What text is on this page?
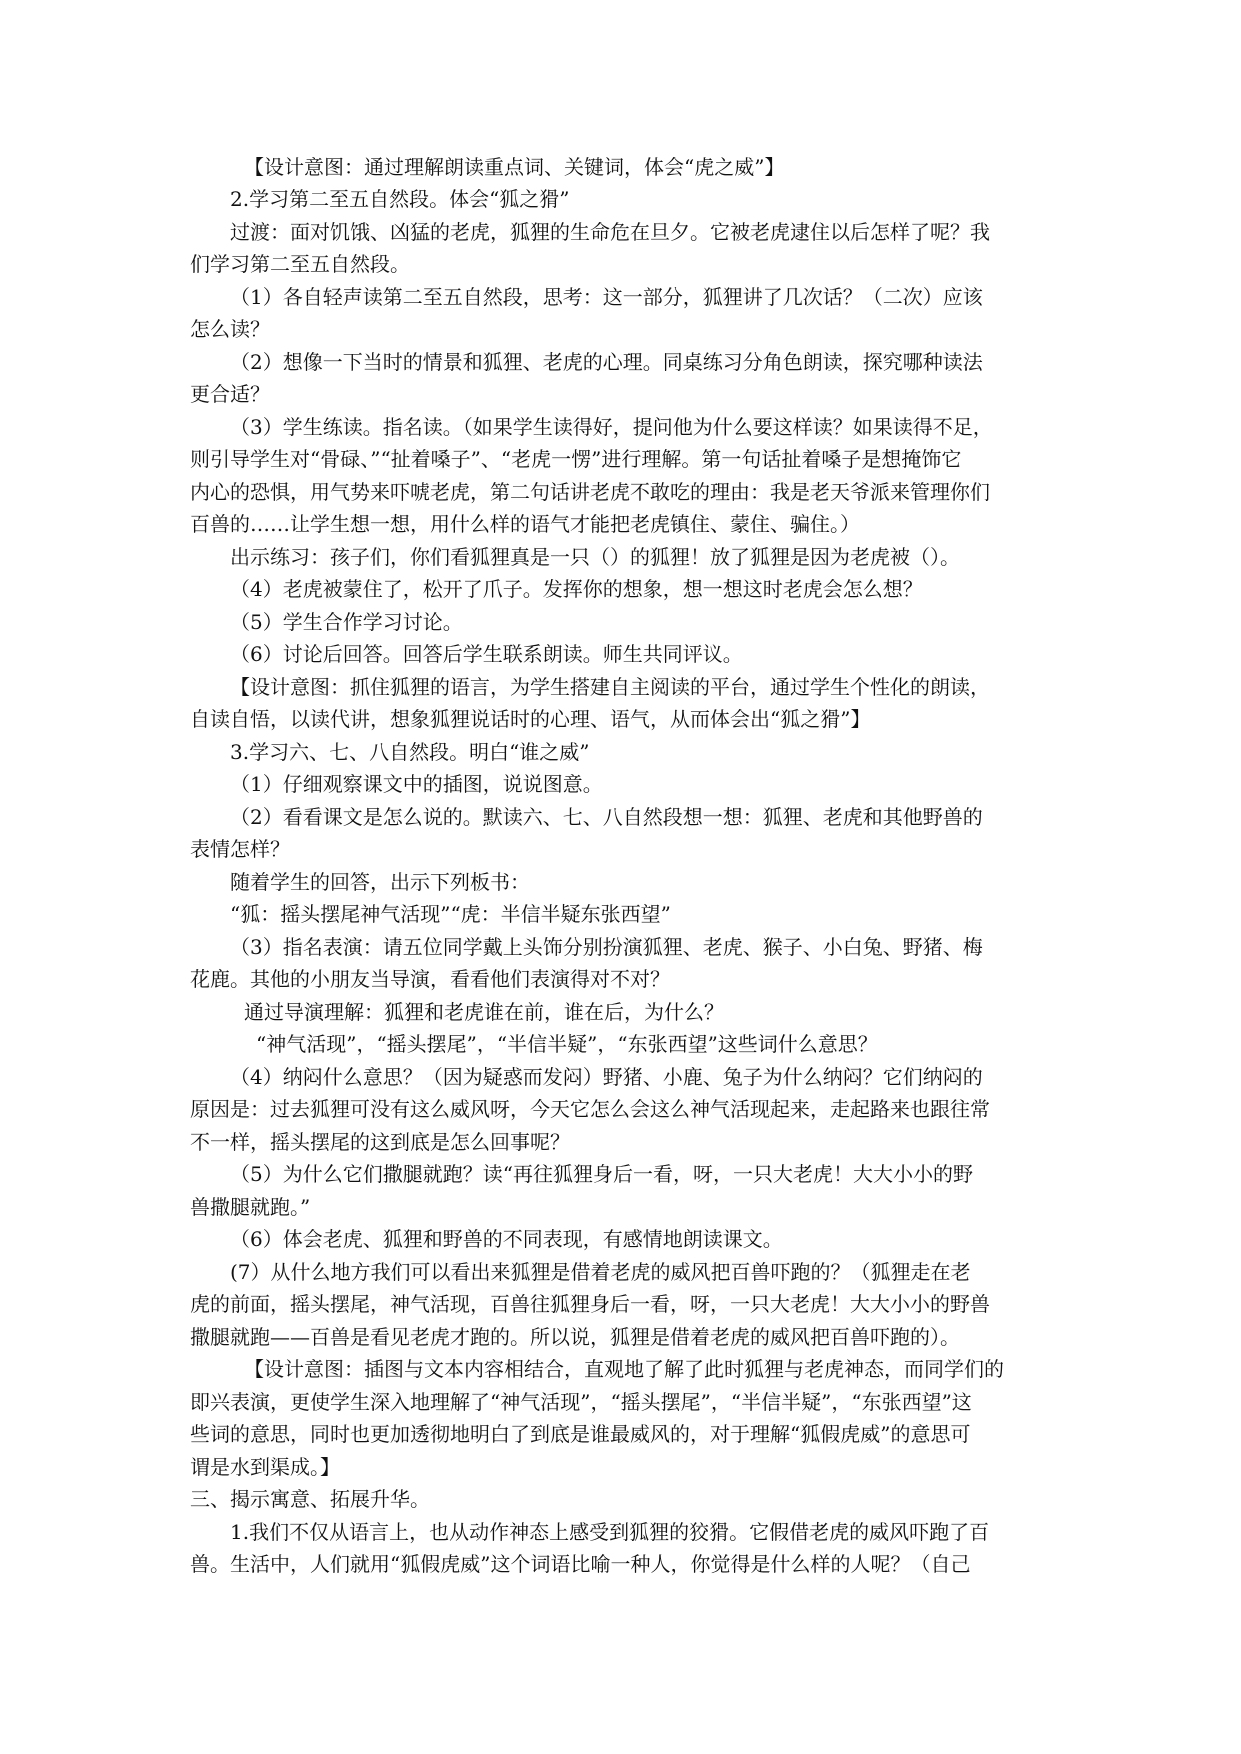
【设计意图：通过理解朗读重点词、关键词，体会“虎之威”】
2.学习第二至五自然段。体会“狐之猾”
过渡：面对饥饿、凶猛的老虎，狐狸的生命危在旦夕。它被老虎逮住以后怎样了呢？我
们学习第二至五自然段。
（1）各自轻声读第二至五自然段，思考：这一部分，狐狸讲了几次话？（二次）应该
怎么读？
（2）想像一下当时的情景和狐狸、老虎的心理。同桌练习分角色朗读，探究哪种读法
更合适？
（3）学生练读。指名读。（如果学生读得好，提问他为什么要这样读？如果读得不足，
则引导学生对“骨碌、”“扯着嗓子”、“老虎一愣”进行理解。第一句话扯着嗓子是想掩饰它
内心的恐惧，用气势来吓唬老虎，第二句话讲老虎不敢吃的理由：我是老天爷派来管理你们
百兽的……让学生想一想，用什么样的语气才能把老虎镇住、蒙住、骗住。）
出示练习：孩子们，你们看狐狸真是一只（）的狐狸！放了狐狸是因为老虎被（）。
（4）老虎被蒙住了，松开了爪子。发挥你的想象，想一想这时老虎会怎么想？
（5）学生合作学习讨论。
（6）讨论后回答。回答后学生联系朗读。师生共同评议。
【设计意图：抓住狐狸的语言，为学生搭建自主阅读的平台，通过学生个性化的朗读，
自读自悟，以读代讲，想象狐狸说话时的心理、语气，从而体会出“狐之猾”】
3.学习六、七、八自然段。明白“谁之威”
（1）仔细观察课文中的插图，说说图意。
（2）看看课文是怎么说的。默读六、七、八自然段想一想：狐狸、老虎和其他野兽的
表情怎样？
随着学生的回答，出示下列板书：
“狐：摇头摆尾神气活现”“虎：半信半疑东张西望”
（3）指名表演：请五位同学戴上头饰分别扮演狐狸、老虎、猴子、小白兔、野猪、梅
花鹿。其他的小朋友当导演，看看他们表演得对不对？
通过导演理解：狐狸和老虎谁在前，谁在后，为什么？
“神气活现”，“摇头摆尾”，“半信半疑”，“东张西望”这些词什么意思？
（4）纳闷什么意思？（因为疑惑而发闷）野猪、小鹿、兔子为什么纳闷？它们纳闷的
原因是：过去狐狸可没有这么威风呀，今天它怎么会这么神气活现起来，走起路来也跟往常
不一样，摇头摆尾的这到底是怎么回事呢？
（5）为什么它们撒腿就跑？读“再往狐狸身后一看，呀，一只大老虎！大大小小的野
兽撒腿就跑。”
（6）体会老虎、狐狸和野兽的不同表现，有感情地朗读课文。
(7）从什么地方我们可以看出来狐狸是借着老虎的威风把百兽吓跑的？（狐狸走在老
虎的前面，摇头摆尾，神气活现，百兽往狐狸身后一看，呀，一只大老虎！大大小小的野兽
撒腿就跑——百兽是看见老虎才跑的。所以说，狐狸是借着老虎的威风把百兽吓跑的）。
【设计意图：插图与文本内容相结合，直观地了解了此时狐狸与老虎神态，而同学们的
即兴表演，更使学生深入地理解了“神气活现”，“摇头摆尾”，“半信半疑”，“东张西望”这
些词的意思，同时也更加透彻地明白了到底是谁最威风的，对于理解“狐假虎威”的意思可
谓是水到渠成。】
三、揭示寓意、拓展升华。
1.我们不仅从语言上，也从动作神态上感受到狐狸的狡猾。它假借老虎的威风吓跑了百
兽。生活中，人们就用“狐假虎威”这个词语比喻一种人，你觉得是什么样的人呢？（自己
